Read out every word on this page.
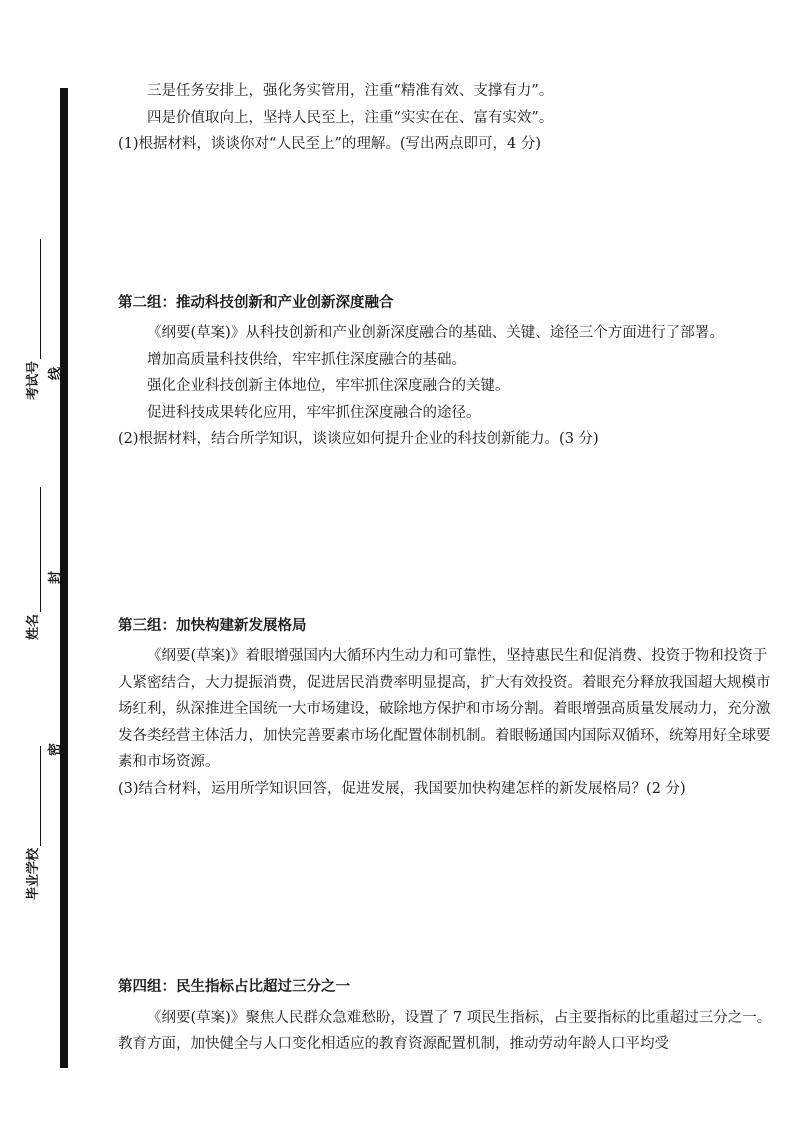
考试号 线
姓名
封
毕业学校
密

三是任务安排上，强化务实管用，注重“精准有效、支撑有力”。

四是价值取向上，坚持人民至上，注重“实实在在、富有实效”。

(1)根据材料，谈谈你对“人民至上”的理解。(写出两点即可，4 分)

第二组：推动科技创新和产业创新深度融合

《纲要(草案)》从科技创新和产业创新深度融合的基础、关键、途径三个方面进行了部署。

增加高质量科技供给，牢牢抓住深度融合的基础。

强化企业科技创新主体地位，牢牢抓住深度融合的关键。

促进科技成果转化应用，牢牢抓住深度融合的途径。

(2)根据材料，结合所学知识，谈谈应如何提升企业的科技创新能力。(3 分)

第三组：加快构建新发展格局

《纲要(草案)》着眼增强国内大循环内生动力和可靠性，坚持惠民生和促消费、投资于物和投资于人紧密结合，大力提振消费，促进居民消费率明显提高，扩大有效投资。着眼充分释放我国超大规模市场红利，纵深推进全国统一大市场建设，破除地方保护和市场分割。着眼增强高质量发展动力，充分激发各类经营主体活力，加快完善要素市场化配置体制机制。着眼畅通国内国际双循环，统筹用好全球要素和市场资源。

(3)结合材料，运用所学知识回答，促进发展，我国要加快构建怎样的新发展格局？(2 分)

第四组：民生指标占比超过三分之一

《纲要(草案)》聚焦人民群众急难愁盼，设置了 7 项民生指标，占主要指标的比重超过三分之一。教育方面，加快健全与人口变化相适应的教育资源配置机制，推动劳动年龄人口平均受
